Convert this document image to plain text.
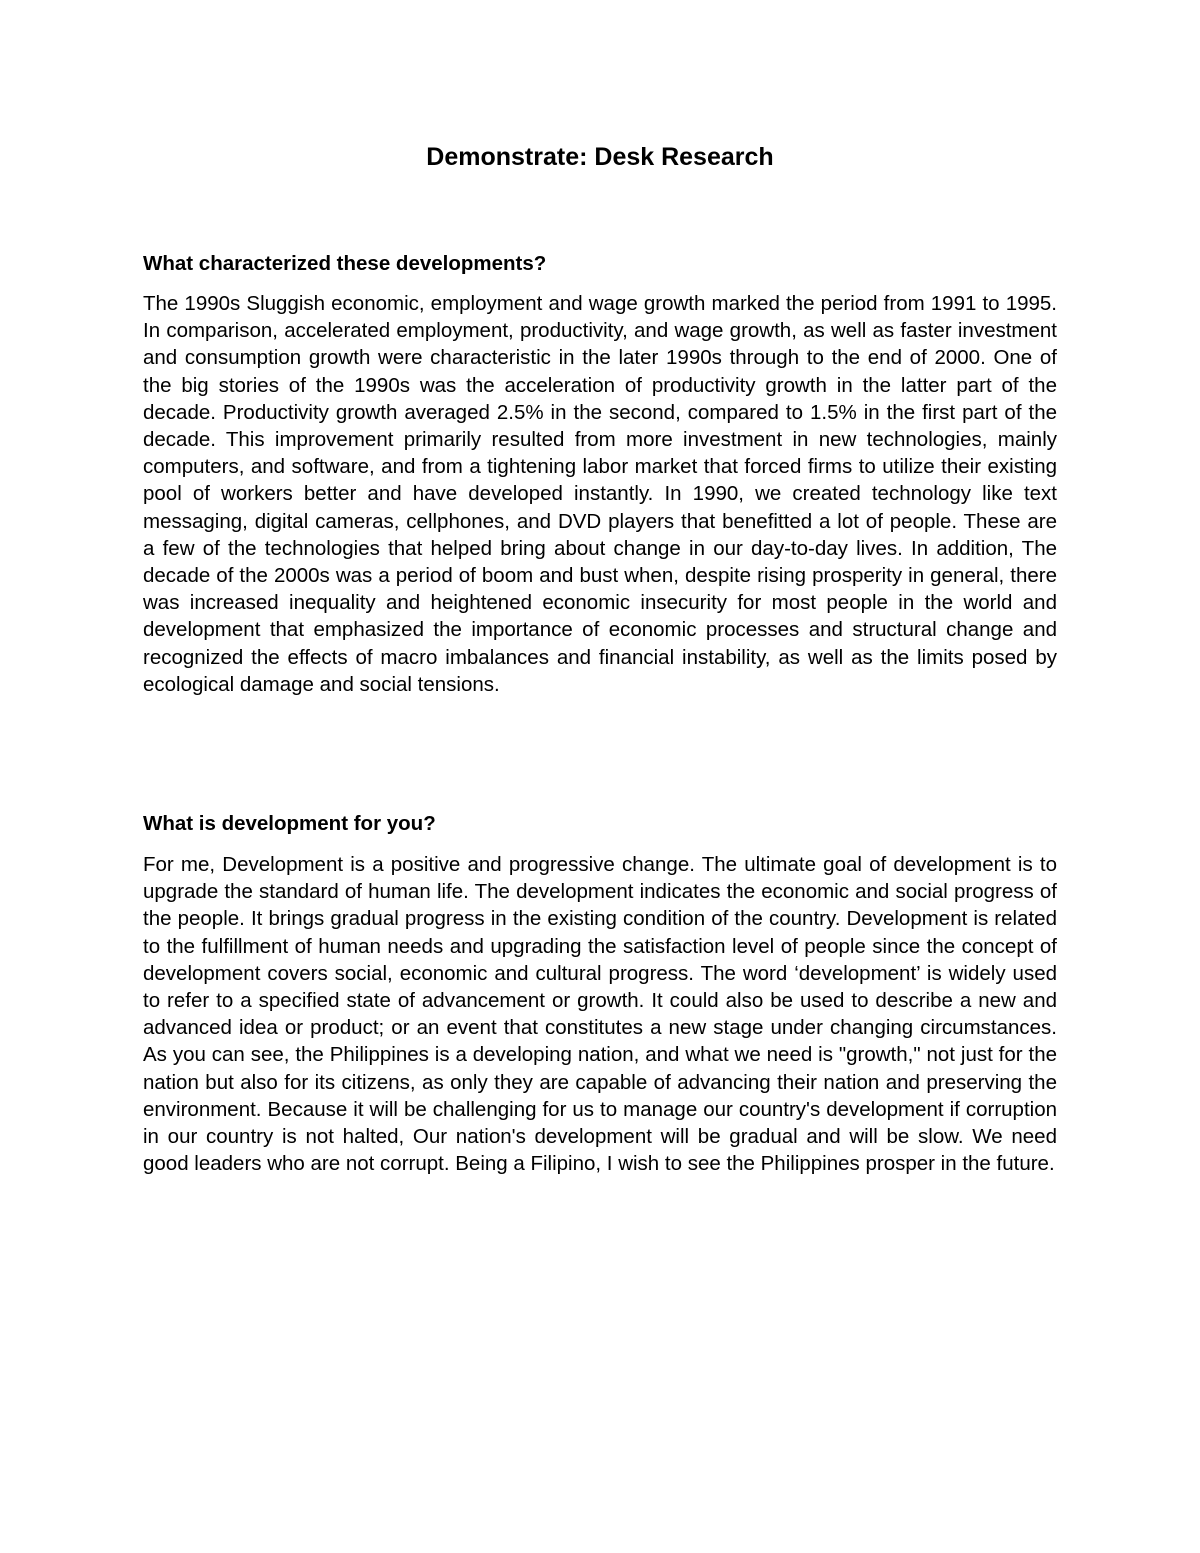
Demonstrate: Desk Research
What characterized these developments?

The 1990s Sluggish economic, employment and wage growth marked the period from 1991 to 1995. In comparison, accelerated employment, productivity, and wage growth, as well as faster investment and consumption growth were characteristic in the later 1990s through to the end of 2000. One of the big stories of the 1990s was the acceleration of productivity growth in the latter part of the decade. Productivity growth averaged 2.5% in the second, compared to 1.5% in the first part of the decade. This improvement primarily resulted from more investment in new technologies, mainly computers, and software, and from a tightening labor market that forced firms to utilize their existing pool of workers better and have developed instantly. In 1990, we created technology like text messaging, digital cameras, cellphones, and DVD players that benefitted a lot of people. These are a few of the technologies that helped bring about change in our day-to-day lives. In addition, The decade of the 2000s was a period of boom and bust when, despite rising prosperity in general, there was increased inequality and heightened economic insecurity for most people in the world and development that emphasized the importance of economic processes and structural change and recognized the effects of macro imbalances and financial instability, as well as the limits posed by ecological damage and social tensions.

What is development for you?

For me, Development is a positive and progressive change. The ultimate goal of development is to upgrade the standard of human life. The development indicates the economic and social progress of the people. It brings gradual progress in the existing condition of the country. Development is related to the fulfillment of human needs and upgrading the satisfaction level of people since the concept of development covers social, economic and cultural progress. The word ‘development’ is widely used to refer to a specified state of advancement or growth. It could also be used to describe a new and advanced idea or product; or an event that constitutes a new stage under changing circumstances. As you can see, the Philippines is a developing nation, and what we need is "growth," not just for the nation but also for its citizens, as only they are capable of advancing their nation and preserving the environment. Because it will be challenging for us to manage our country's development if corruption in our country is not halted, Our nation's development will be gradual and will be slow. We need good leaders who are not corrupt. Being a Filipino, I wish to see the Philippines prosper in the future.
